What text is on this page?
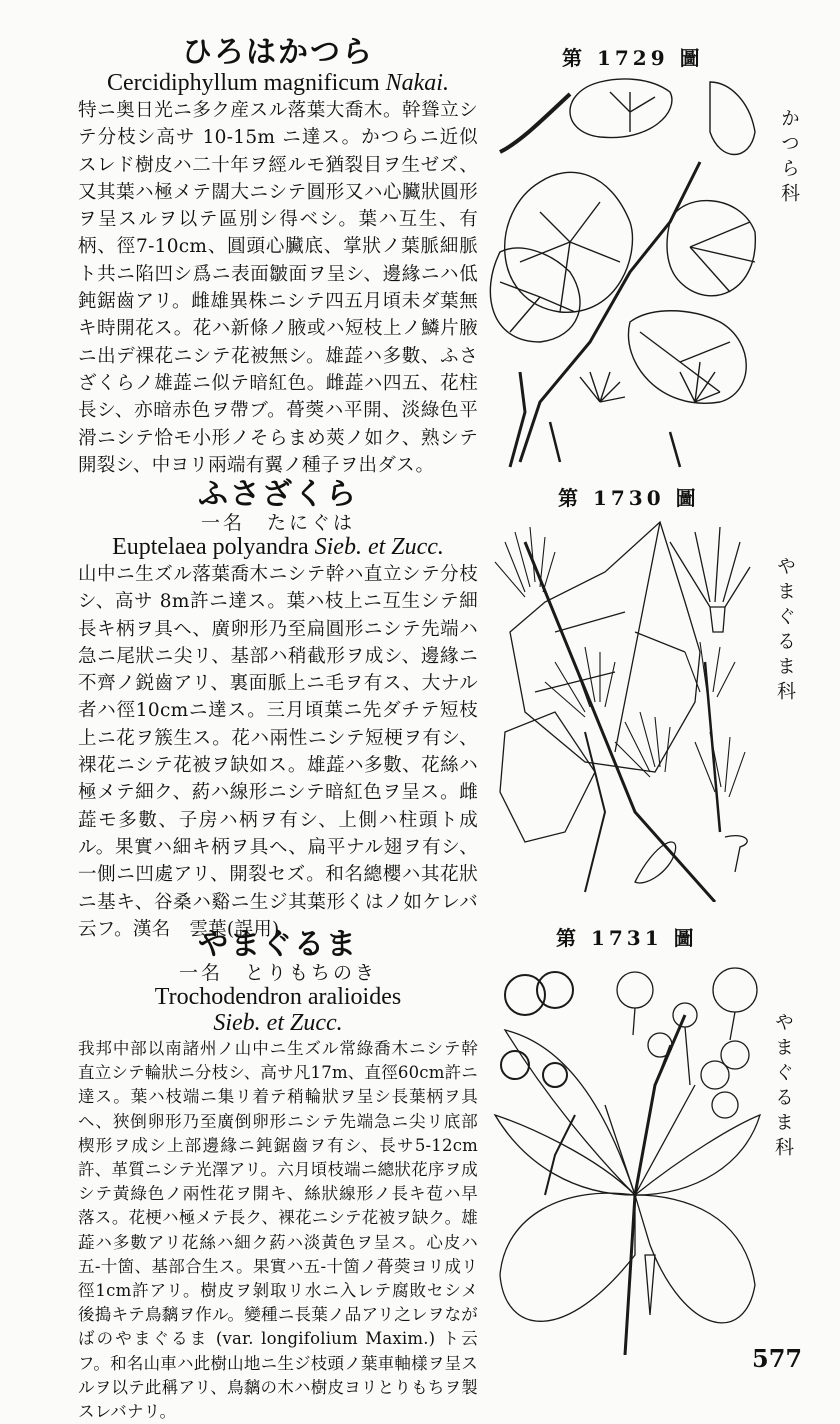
ひろはかつら
Cercidiphyllum magnificum Nakai.
特ニ奥日光ニ多ク産スル落葉大喬木。幹聳立シテ分枝シ高サ 10-15m ニ達ス。かつらニ近似スレド樹皮ハ二十年ヲ經ルモ猶裂目ヲ生ゼズ、又其葉ハ極メテ闊大ニシテ圓形又ハ心臟狀圓形ヲ呈スルヲ以テ區別シ得ベシ。葉ハ互生、有柄、徑7-10cm、圓頭心臟底、掌狀ノ葉脈細脈ト共ニ陷凹シ爲ニ表面皺面ヲ呈シ、邊緣ニハ低鈍鋸齒アリ。雌雄異株ニシテ四五月頃未ダ葉無キ時開花ス。花ハ新條ノ腋或ハ短枝上ノ鱗片腋ニ出デ裸花ニシテ花被無シ。雄蕋ハ多數、ふさざくらノ雄蕋ニ似テ暗紅色。雌蕋ハ四五、花柱長シ、亦暗赤色ヲ帶ブ。蓇葖ハ平開、淡綠色平滑ニシテ恰モ小形ノそらまめ莢ノ如ク、熟シテ開裂シ、中ヨリ兩端有翼ノ種子ヲ出ダス。
ふさざくら
一名　たにぐは
Euptelaea polyandra Sieb. et Zucc.
山中ニ生ズル落葉喬木ニシテ幹ハ直立シテ分枝シ、高サ 8m許ニ達ス。葉ハ枝上ニ互生シテ細長キ柄ヲ具ヘ、廣卵形乃至扁圓形ニシテ先端ハ急ニ尾狀ニ尖リ、基部ハ稍截形ヲ成シ、邊緣ニ不齊ノ鋭齒アリ、裏面脈上ニ毛ヲ有ス、大ナル者ハ徑10cmニ達ス。三月頃葉ニ先ダチテ短枝上ニ花ヲ簇生ス。花ハ兩性ニシテ短梗ヲ有シ、裸花ニシテ花被ヲ缺如ス。雄蕋ハ多數、花絲ハ極メテ細ク、葯ハ線形ニシテ暗紅色ヲ呈ス。雌蕋モ多數、子房ハ柄ヲ有シ、上側ハ柱頭ト成ル。果實ハ細キ柄ヲ具ヘ、扁平ナル翅ヲ有シ、一側ニ凹處アリ、開裂セズ。和名總櫻ハ其花狀ニ基キ、谷桑ハ谿ニ生ジ其葉形くはノ如ケレバ云フ。漢名　雲葉(誤用)
やまぐるま
一名　とりもちのき
Trochodendron aralioides
Sieb. et Zucc.
我邦中部以南諸州ノ山中ニ生ズル常綠喬木ニシテ幹直立シテ輪狀ニ分枝シ、高サ凡17m、直徑60cm許ニ達ス。葉ハ枝端ニ集リ着テ稍輪狀ヲ呈シ長葉柄ヲ具ヘ、狹倒卵形乃至廣倒卵形ニシテ先端急ニ尖リ底部楔形ヲ成シ上部邊緣ニ鈍鋸齒ヲ有シ、長サ5-12cm許、革質ニシテ光澤アリ。六月頃枝端ニ總狀花序ヲ成シテ黃綠色ノ兩性花ヲ開キ、絲狀線形ノ長キ苞ハ早落ス。花梗ハ極メテ長ク、裸花ニシテ花被ヲ缺ク。雄蕋ハ多數アリ花絲ハ細ク葯ハ淡黃色ヲ呈ス。心皮ハ五-十箇、基部合生ス。果實ハ五-十箇ノ蓇葖ヨリ成リ徑1cm許アリ。樹皮ヲ剝取リ水ニ入レテ腐敗セシメ後搗キテ鳥黐ヲ作ル。變種ニ長葉ノ品アリ之レヲながばのやまぐるま (var. longifolium Maxim.) ト云フ。和名山車ハ此樹山地ニ生ジ枝頭ノ葉車軸樣ヲ呈スルヲ以テ此稱アリ、鳥黐の木ハ樹皮ヨリとりもちヲ製スレバナリ。
第 1729 圖
第 1730 圖
第 1731 圖
かつら科
やまぐるま科
やまぐるま科
577
